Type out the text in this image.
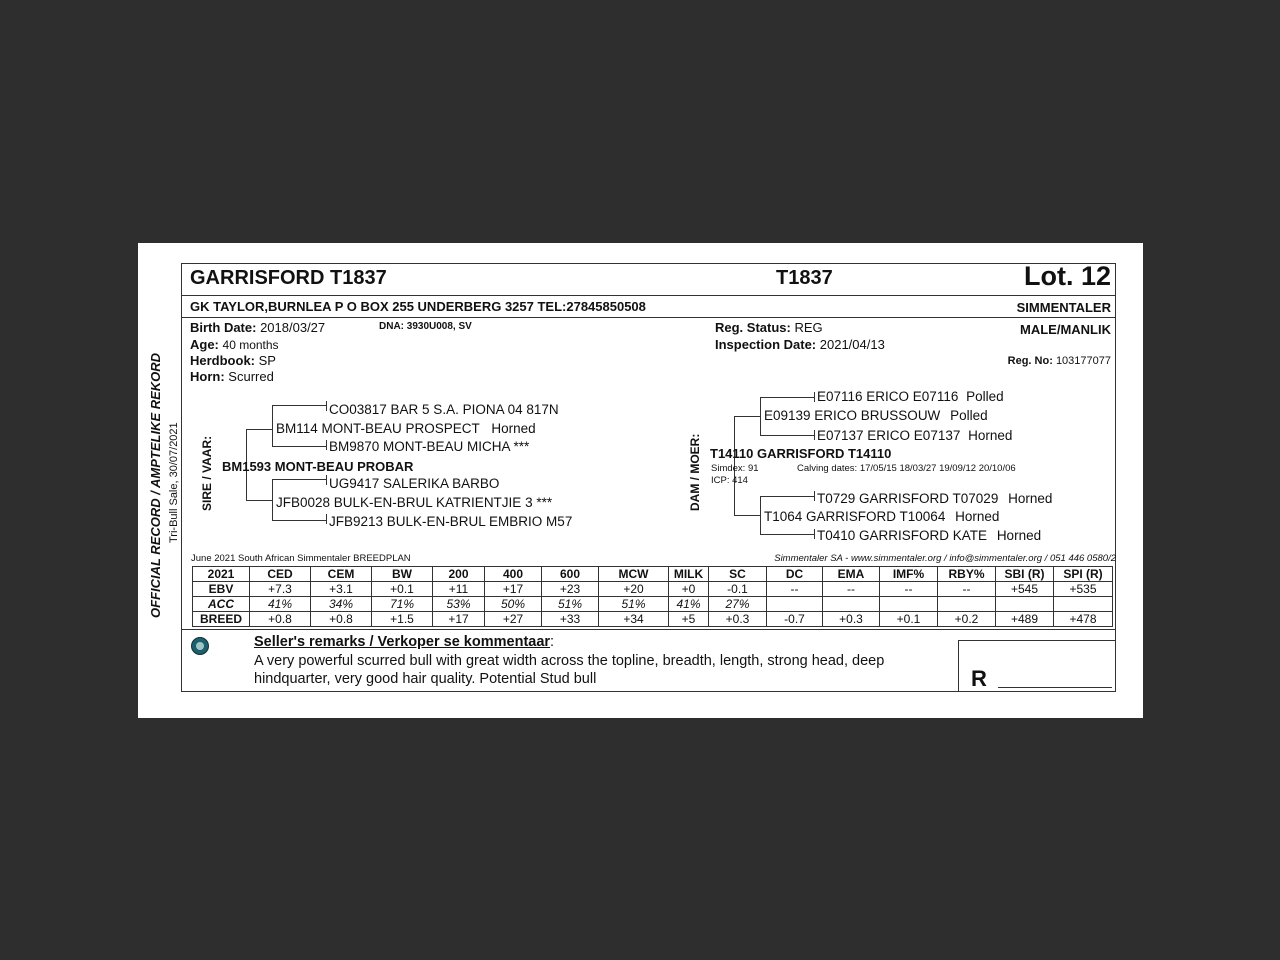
OFFICIAL RECORD / AMPTELIKE REKORD Tri-Bull Sale, 30/07/2021
GARRISFORD T1837	T1837	Lot. 12
GK TAYLOR,BURNLEA P O BOX 255 UNDERBERG 3257 TEL:27845850508	SIMMENTALER
Birth Date: 2018/03/27	DNA: 3930U008, SV
Age: 40 months
Herdbook: SP
Horn: Scurred
Reg. Status: REG
Inspection Date: 2021/04/13
MALE/MANLIK
Reg. No: 103177077
SIRE / VAAR: BM1593 MONT-BEAU PROBAR
BM114 MONT-BEAU PROSPECT Horned
CO03817 BAR 5 S.A. PIONA 04 817N
BM9870 MONT-BEAU MICHA ***
JFB0028 BULK-EN-BRUL KATRIENTJIE 3 ***
UG9417 SALERIKA BARBO
JFB9213 BULK-EN-BRUL EMBRIO M57
DAM / MOER: T14110 GARRISFORD T14110
Simdex: 91
ICP: 414
Calving dates: 17/05/15 18/03/27 19/09/12 20/10/06
E09139 ERICO BRUSSOUW Polled
E07116 ERICO E07116 Polled
E07137 ERICO E07137 Horned
T1064 GARRISFORD T10064 Horned
T0729 GARRISFORD T07029 Horned
T0410 GARRISFORD KATE Horned
June 2021 South African Simmentaler BREEDPLAN	Simmentaler SA - www.simmentaler.org / info@simmentaler.org / 051 446 0580/2
2021	CED	CEM	BW	200	400	600	MCW	MILK	SC	DC	EMA	IMF%	RBY%	SBI (R)	SPI (R)
EBV	+7.3	+3.1	+0.1	+11	+17	+23	+20	+0	-0.1	--	--	--	--	+545	+535
ACC	41%	34%	71%	53%	50%	51%	51%	41%	27%						
BREED	+0.8	+0.8	+1.5	+17	+27	+33	+34	+5	+0.3	-0.7	+0.3	+0.1	+0.2	+489	+478
Seller's remarks / Verkoper se kommentaar:
A very powerful scurred bull with great width across the topline, breadth, length, strong head, deep
hindquarter, very good hair quality. Potential Stud bull	R
